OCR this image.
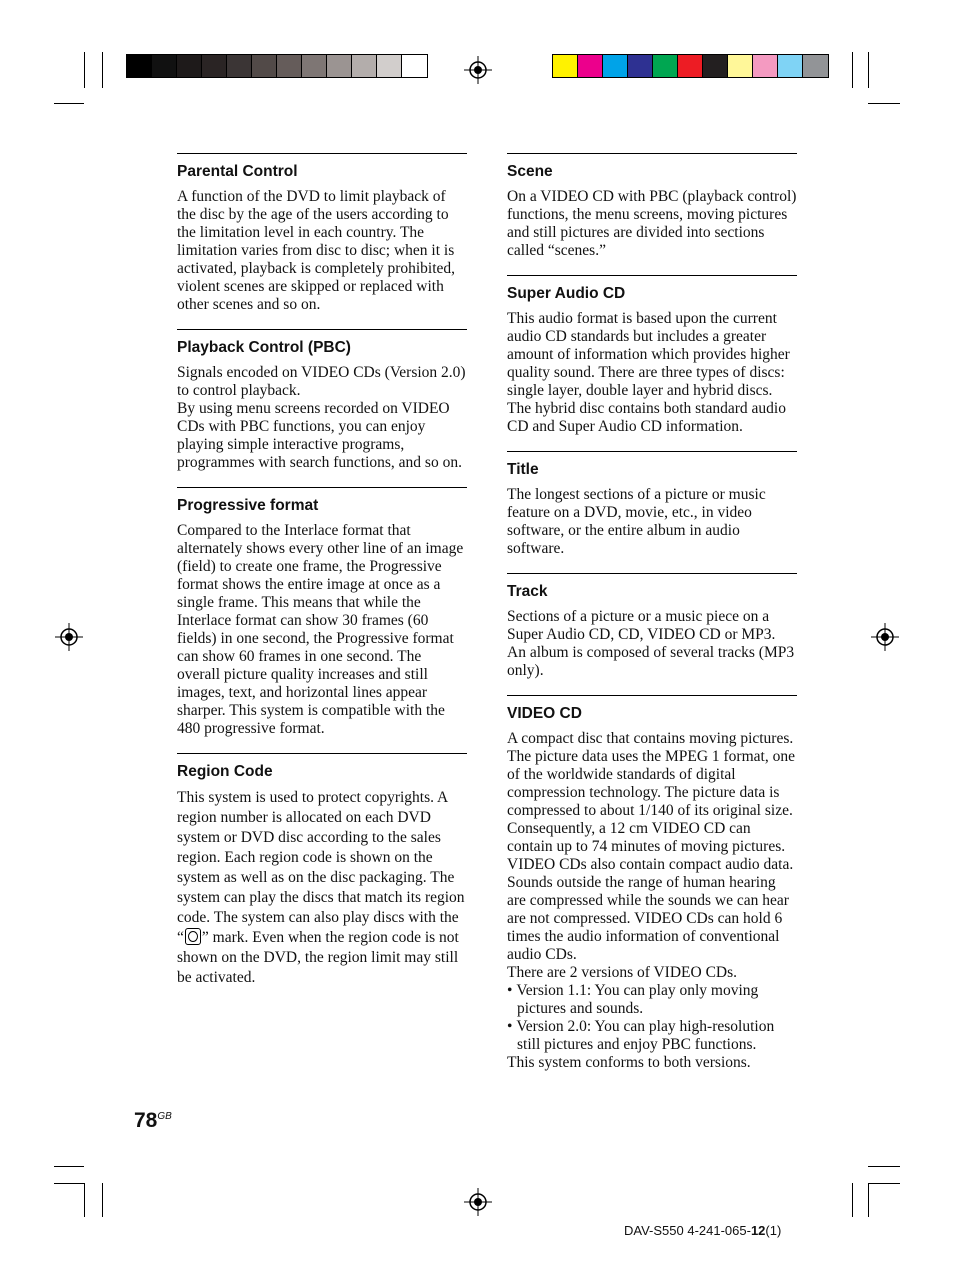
Parental Control

A function of the DVD to limit playback of the disc by the age of the users according to the limitation level in each country. The limitation varies from disc to disc; when it is activated, playback is completely prohibited, violent scenes are skipped or replaced with other scenes and so on.

Playback Control (PBC)

Signals encoded on VIDEO CDs (Version 2.0) to control playback.

By using menu screens recorded on VIDEO CDs with PBC functions, you can enjoy playing simple interactive programs, programmes with search functions, and so on.

Progressive format

Compared to the Interlace format that alternately shows every other line of an image (field) to create one frame, the Progressive format shows the entire image at once as a single frame. This means that while the Interlace format can show 30 frames (60 fields) in one second, the Progressive format can show 60 frames in one second. The overall picture quality increases and still images, text, and horizontal lines appear sharper. This system is compatible with the 480 progressive format.

Region Code

This system is used to protect copyrights. A region number is allocated on each DVD system or DVD disc according to the sales region. Each region code is shown on the system as well as on the disc packaging. The system can play the discs that match its region code. The system can also play discs with the “ ” mark. Even when the region code is not shown on the DVD, the region limit may still be activated.

Scene

On a VIDEO CD with PBC (playback control) functions, the menu screens, moving pictures and still pictures are divided into sections called “scenes.”

Super Audio CD

This audio format is based upon the current audio CD standards but includes a greater amount of information which provides higher quality sound. There are three types of discs: single layer, double layer and hybrid discs. The hybrid disc contains both standard audio CD and Super Audio CD information.

Title

The longest sections of a picture or music feature on a DVD, movie, etc., in video software, or the entire album in audio software.

Track

Sections of a picture or a music piece on a Super Audio CD, CD, VIDEO CD or MP3. An album is composed of several tracks (MP3 only).

VIDEO CD

A compact disc that contains moving pictures.

The picture data uses the MPEG 1 format, one of the worldwide standards of digital compression technology. The picture data is compressed to about 1/140 of its original size. Consequently, a 12 cm VIDEO CD can contain up to 74 minutes of moving pictures.

VIDEO CDs also contain compact audio data. Sounds outside the range of human hearing are compressed while the sounds we can hear are not compressed. VIDEO CDs can hold 6 times the audio information of conventional audio CDs.

There are 2 versions of VIDEO CDs.

• Version 1.1: You can play only moving pictures and sounds.
• Version 2.0: You can play high-resolution still pictures and enjoy PBC functions.

This system conforms to both versions.

$78^{GB}$
DAV-S550 4-241-065-12(1)
